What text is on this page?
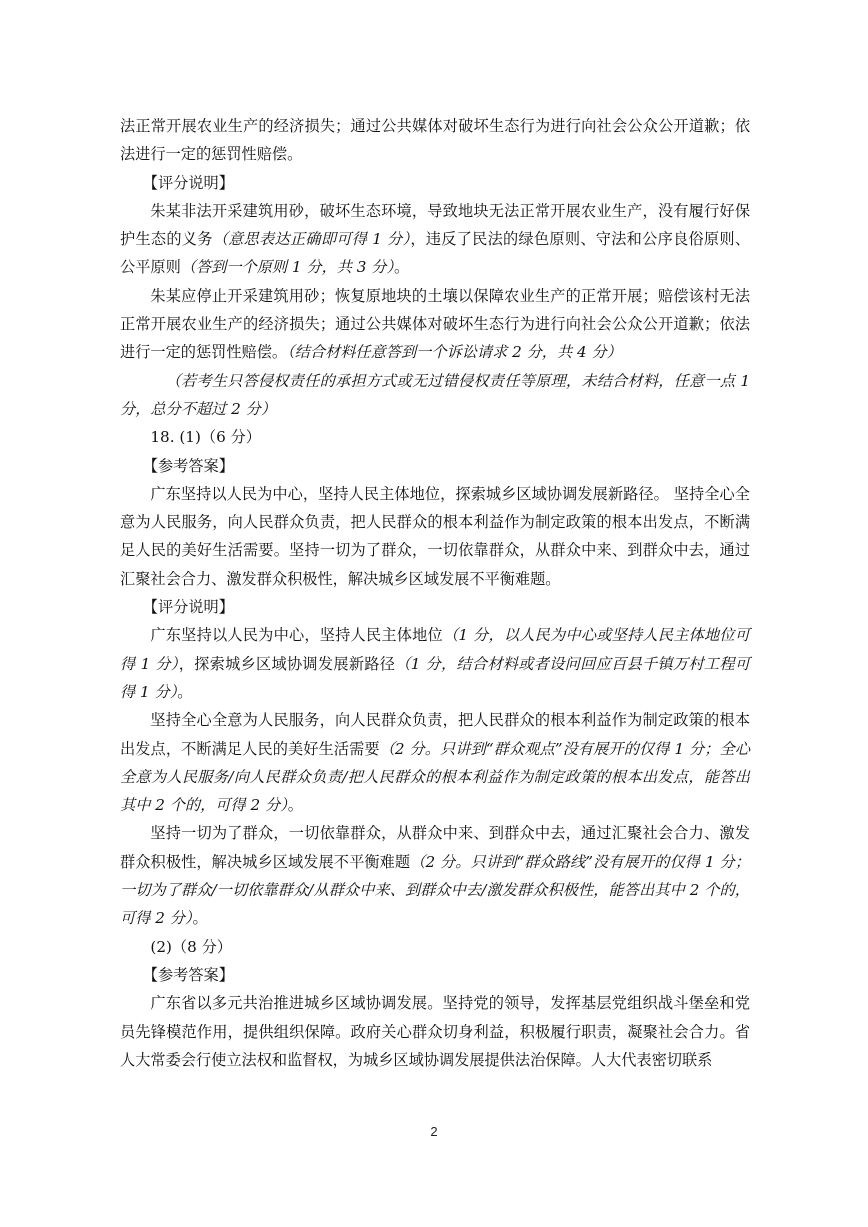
法正常开展农业生产的经济损失；通过公共媒体对破坏生态行为进行向社会公众公开道歉；依法进行一定的惩罚性赔偿。

【评分说明】

朱某非法开采建筑用砂，破坏生态环境，导致地块无法正常开展农业生产，没有履行好保护生态的义务（意思表达正确即可得 1 分），违反了民法的绿色原则、守法和公序良俗原则、公平原则（答到一个原则 1 分，共 3 分）。

朱某应停止开采建筑用砂；恢复原地块的土壤以保障农业生产的正常开展；赔偿该村无法正常开展农业生产的经济损失；通过公共媒体对破坏生态行为进行向社会公众公开道歉；依法进行一定的惩罚性赔偿。（结合材料任意答到一个诉讼请求 2 分，共 4 分）

（若考生只答侵权责任的承担方式或无过错侵权责任等原理，未结合材料，任意一点 1 分，总分不超过 2 分）

18. (1)（6 分）

【参考答案】

广东坚持以人民为中心，坚持人民主体地位，探索城乡区域协调发展新路径。 坚持全心全意为人民服务，向人民群众负责，把人民群众的根本利益作为制定政策的根本出发点，不断满足人民的美好生活需要。坚持一切为了群众，一切依靠群众，从群众中来、到群众中去，通过汇聚社会合力、激发群众积极性，解决城乡区域发展不平衡难题。

【评分说明】

广东坚持以人民为中心，坚持人民主体地位（1 分，以人民为中心或坚持人民主体地位可得 1 分），探索城乡区域协调发展新路径（1 分，结合材料或者设问回应百县千镇万村工程可得 1 分）。

坚持全心全意为人民服务，向人民群众负责，把人民群众的根本利益作为制定政策的根本出发点，不断满足人民的美好生活需要（2 分。只讲到“群众观点”没有展开的仅得 1 分；全心全意为人民服务/向人民群众负责/把人民群众的根本利益作为制定政策的根本出发点，能答出其中 2 个的，可得 2 分）。

坚持一切为了群众，一切依靠群众，从群众中来、到群众中去，通过汇聚社会合力、激发群众积极性，解决城乡区域发展不平衡难题（2 分。只讲到“群众路线”没有展开的仅得 1 分；一切为了群众/一切依靠群众/从群众中来、到群众中去/激发群众积极性，能答出其中 2 个的，可得 2 分）。

(2)（8 分）

【参考答案】

广东省以多元共治推进城乡区域协调发展。坚持党的领导，发挥基层党组织战斗堡垒和党员先锋模范作用，提供组织保障。政府关心群众切身利益，积极履行职责，凝聚社会合力。省人大常委会行使立法权和监督权，为城乡区域协调发展提供法治保障。人大代表密切联系

2
